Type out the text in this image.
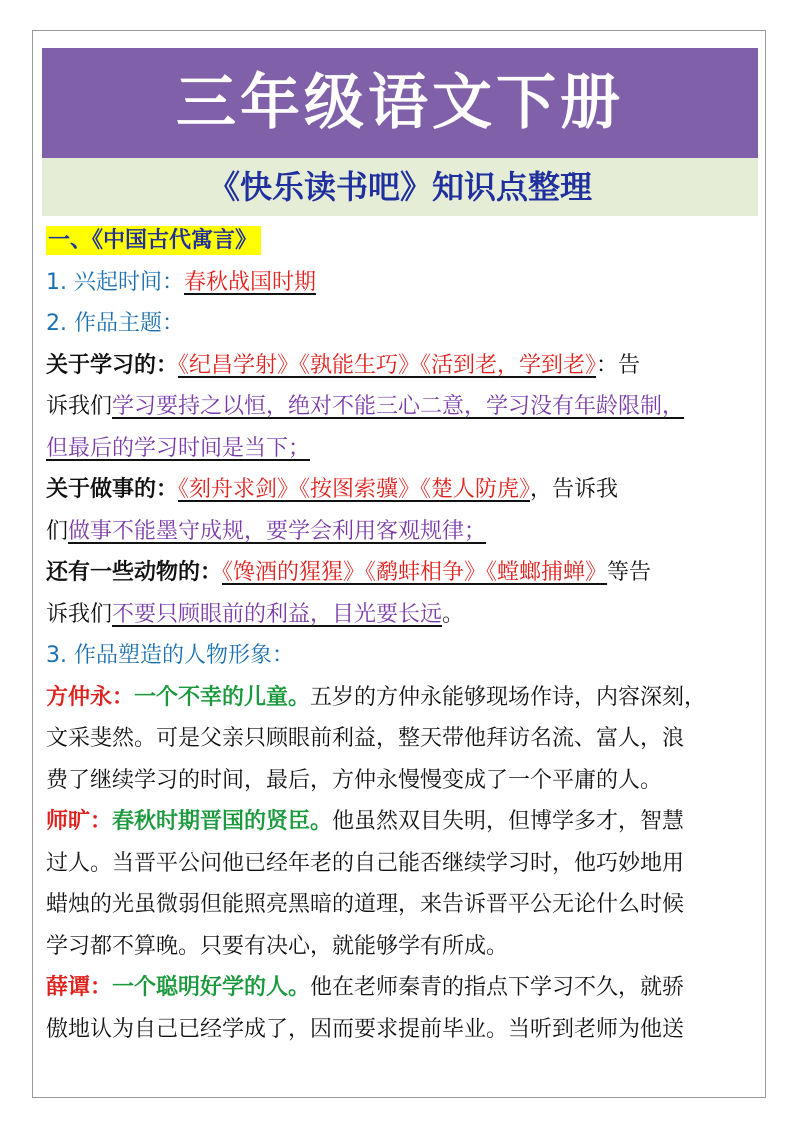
三年级语文下册
《快乐读书吧》知识点整理
一、《中国古代寓言》
1. 兴起时间：春秋战国时期
2. 作品主题：
关于学习的：《纪昌学射》《孰能生巧》《活到老，学到老》：告
诉我们学习要持之以恒，绝对不能三心二意，学习没有年龄限制，
但最后的学习时间是当下；
关于做事的：《刻舟求剑》《按图索骥》《楚人防虎》，告诉我
们做事不能墨守成规，要学会利用客观规律；
还有一些动物的：《馋酒的猩猩》《鹬蚌相争》《螳螂捕蝉》等告
诉我们不要只顾眼前的利益，目光要长远。
3. 作品塑造的人物形象：
方仲永：一个不幸的儿童。五岁的方仲永能够现场作诗，内容深刻，
文采斐然。可是父亲只顾眼前利益，整天带他拜访名流、富人，浪
费了继续学习的时间，最后，方仲永慢慢变成了一个平庸的人。
师旷：春秋时期晋国的贤臣。他虽然双目失明，但博学多才，智慧
过人。当晋平公问他已经年老的自己能否继续学习时，他巧妙地用
蜡烛的光虽微弱但能照亮黑暗的道理，来告诉晋平公无论什么时候
学习都不算晚。只要有决心，就能够学有所成。
薛谭：一个聪明好学的人。他在老师秦青的指点下学习不久，就骄
傲地认为自己已经学成了，因而要求提前毕业。当听到老师为他送
